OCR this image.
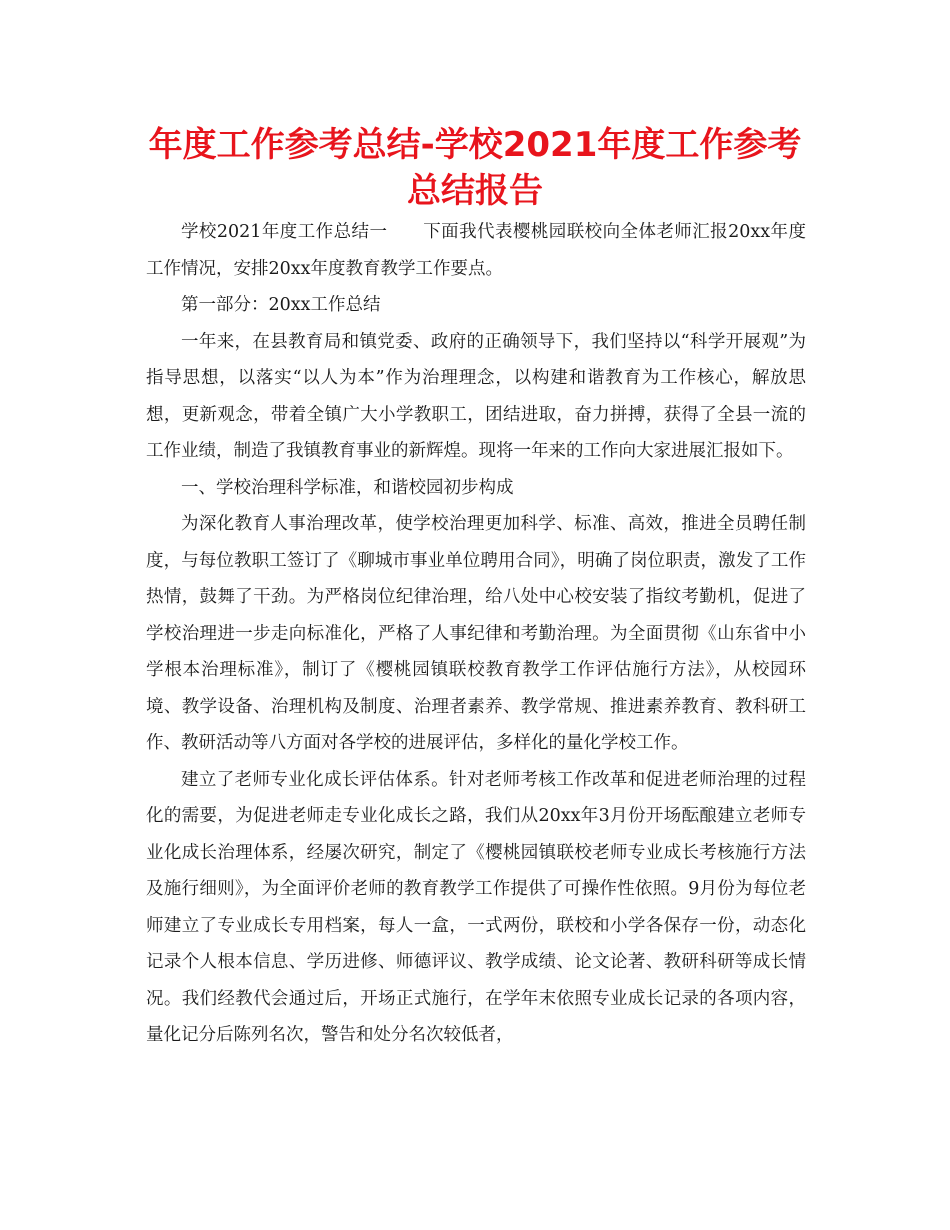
年度工作参考总结-学校2021年度工作参考总结报告

学校2021年度工作总结一　　下面我代表樱桃园联校向全体老师汇报20xx年度工作情况，安排20xx年度教育教学工作要点。

第一部分：20xx工作总结

一年来，在县教育局和镇党委、政府的正确领导下，我们坚持以“科学开展观”为指导思想，以落实“以人为本”作为治理理念，以构建和谐教育为工作核心，解放思想，更新观念，带着全镇广大小学教职工，团结进取，奋力拼搏，获得了全县一流的工作业绩，制造了我镇教育事业的新辉煌。现将一年来的工作向大家进展汇报如下。

一、学校治理科学标准，和谐校园初步构成

为深化教育人事治理改革，使学校治理更加科学、标准、高效，推进全员聘任制度，与每位教职工签订了《聊城市事业单位聘用合同》，明确了岗位职责，激发了工作热情，鼓舞了干劲。为严格岗位纪律治理，给八处中心校安装了指纹考勤机，促进了学校治理进一步走向标准化，严格了人事纪律和考勤治理。为全面贯彻《山东省中小学根本治理标准》，制订了《樱桃园镇联校教育教学工作评估施行方法》，从校园环境、教学设备、治理机构及制度、治理者素养、教学常规、推进素养教育、教科研工作、教研活动等八方面对各学校的进展评估，多样化的量化学校工作。

建立了老师专业化成长评估体系。针对老师考核工作改革和促进老师治理的过程化的需要，为促进老师走专业化成长之路，我们从20xx年3月份开场酝酿建立老师专业化成长治理体系，经屡次研究，制定了《樱桃园镇联校老师专业成长考核施行方法及施行细则》，为全面评价老师的教育教学工作提供了可操作性依照。9月份为每位老师建立了专业成长专用档案，每人一盒，一式两份，联校和小学各保存一份，动态化记录个人根本信息、学历进修、师德评议、教学成绩、论文论著、教研科研等成长情况。我们经教代会通过后，开场正式施行，在学年末依照专业成长记录的各项内容，量化记分后陈列名次，警告和处分名次较低者，
